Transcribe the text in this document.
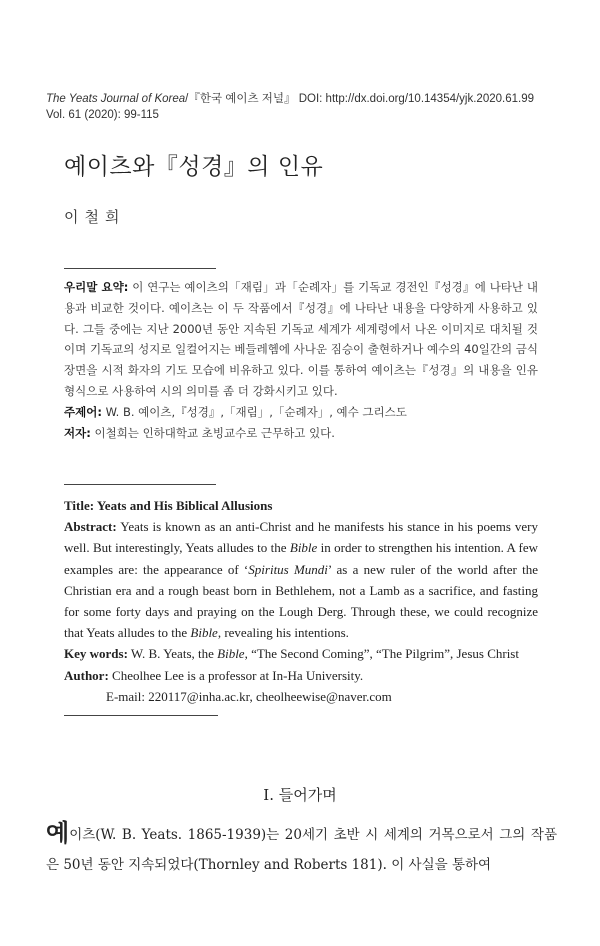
The Yeats Journal of Korea/『한국 예이츠 저널』 DOI: http://dx.doi.org/10.14354/yjk.2020.61.99
Vol. 61 (2020): 99-115
예이츠와『성경』의 인유
이철희

우리말 요약: 이 연구는 예이츠의「재림」과「순례자」를 기독교 경전인『성경』에 나타난 내용과 비교한 것이다. 예이츠는 이 두 작품에서『성경』에 나타난 내용을 다양하게 사용하고 있다. 그들 중에는 지난 2000년 동안 지속된 기독교 세계가 세계령에서 나온 이미지로 대치될 것이며 기독교의 성지로 일컬어지는 베들레헴에 사나운 짐승이 출현하거나 예수의 40일간의 금식 장면을 시적 화자의 기도 모습에 비유하고 있다. 이를 통하여 예이츠는『성경』의 내용을 인유 형식으로 사용하여 시의 의미를 좀 더 강화시키고 있다.

주제어: W. B. 예이츠,『성경』,「재림」,「순례자」, 예수 그리스도

저자: 이철희는 인하대학교 초빙교수로 근무하고 있다.

Title: Yeats and His Biblical Allusions

Abstract: Yeats is known as an anti-Christ and he manifests his stance in his poems very well. But interestingly, Yeats alludes to the Bible in order to strengthen his intention. A few examples are: the appearance of ‘Spiritus Mundi’ as a new ruler of the world after the Christian era and a rough beast born in Bethlehem, not a Lamb as a sacrifice, and fasting for some forty days and praying on the Lough Derg. Through these, we could recognize that Yeats alludes to the Bible, revealing his intentions.

Key words: W. B. Yeats, the Bible, “The Second Coming”, “The Pilgrim”, Jesus Christ

Author: Cheolhee Lee is a professor at In-Ha University.

E-mail: 220117@inha.ac.kr, cheolheewise@naver.com

I. 들어가며

예이츠(W. B. Yeats. 1865-1939)는 20세기 초반 시 세계의 거목으로서 그의 작품은 50년 동안 지속되었다(Thornley and Roberts 181). 이 사실을 통하여
